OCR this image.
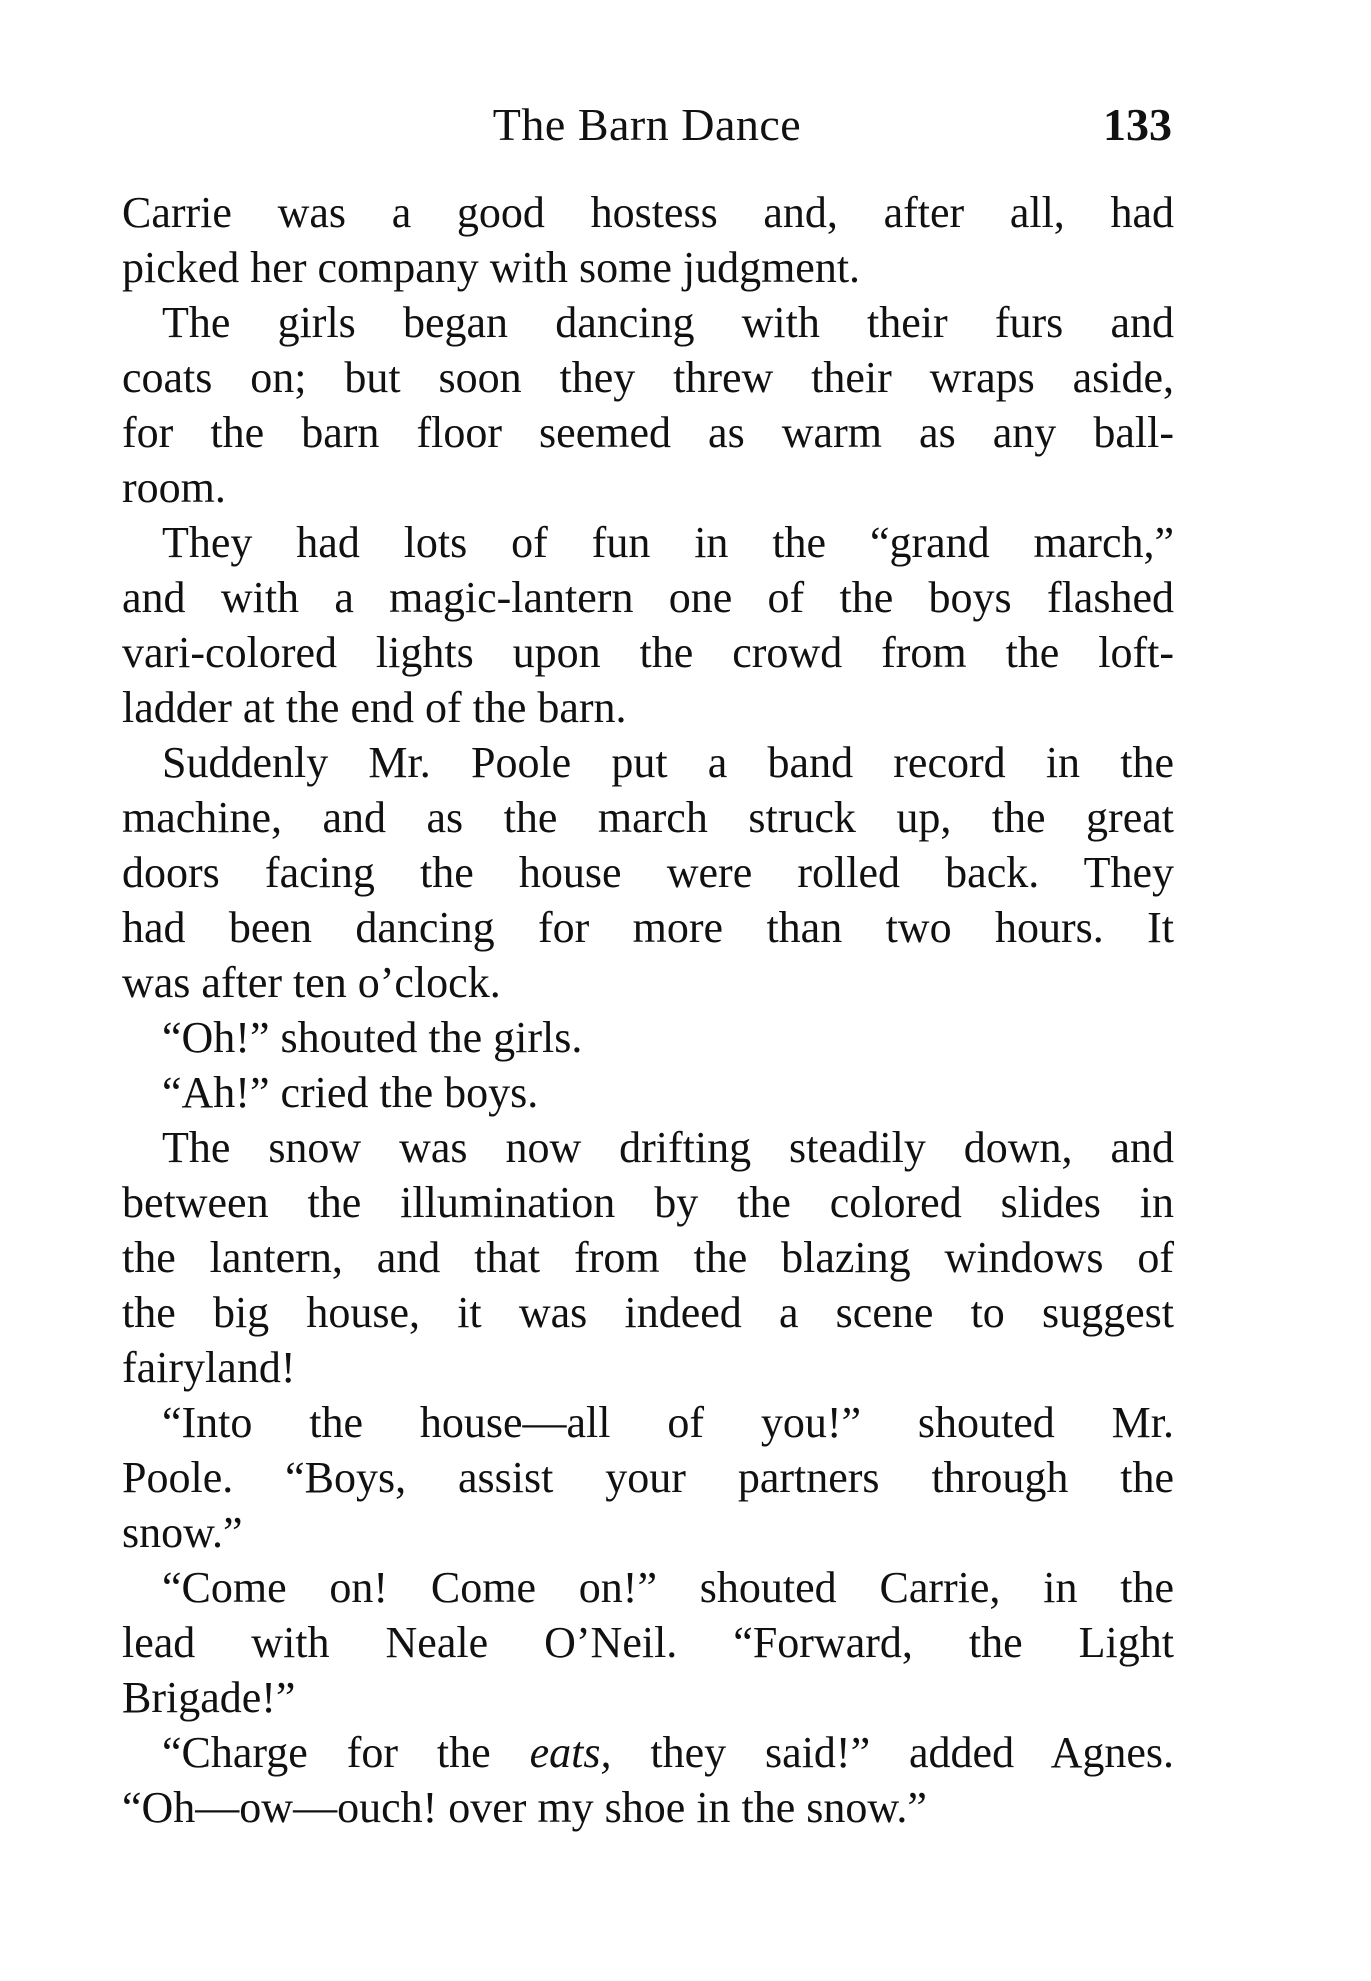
The Barn Dance	133
Carrie was a good hostess and, after all, had
picked her company with some judgment.
The girls began dancing with their furs and
coats on; but soon they threw their wraps aside,
for the barn floor seemed as warm as any ball-
room.
They had lots of fun in the “grand march,”
and with a magic-lantern one of the boys flashed
vari-colored lights upon the crowd from the loft-
ladder at the end of the barn.
Suddenly Mr. Poole put a band record in the
machine, and as the march struck up, the great
doors facing the house were rolled back. They
had been dancing for more than two hours. It
was after ten o’clock.
“Oh!” shouted the girls.
“Ah!” cried the boys.
The snow was now drifting steadily down, and
between the illumination by the colored slides in
the lantern, and that from the blazing windows of
the big house, it was indeed a scene to suggest
fairyland!
“Into the house—all of you!” shouted Mr.
Poole. “Boys, assist your partners through the
snow.”
“Come on! Come on!” shouted Carrie, in the
lead with Neale O’Neil. “Forward, the Light
Brigade!”
“Charge for the eats, they said!” added Agnes.
“Oh—ow—ouch! over my shoe in the snow.”
